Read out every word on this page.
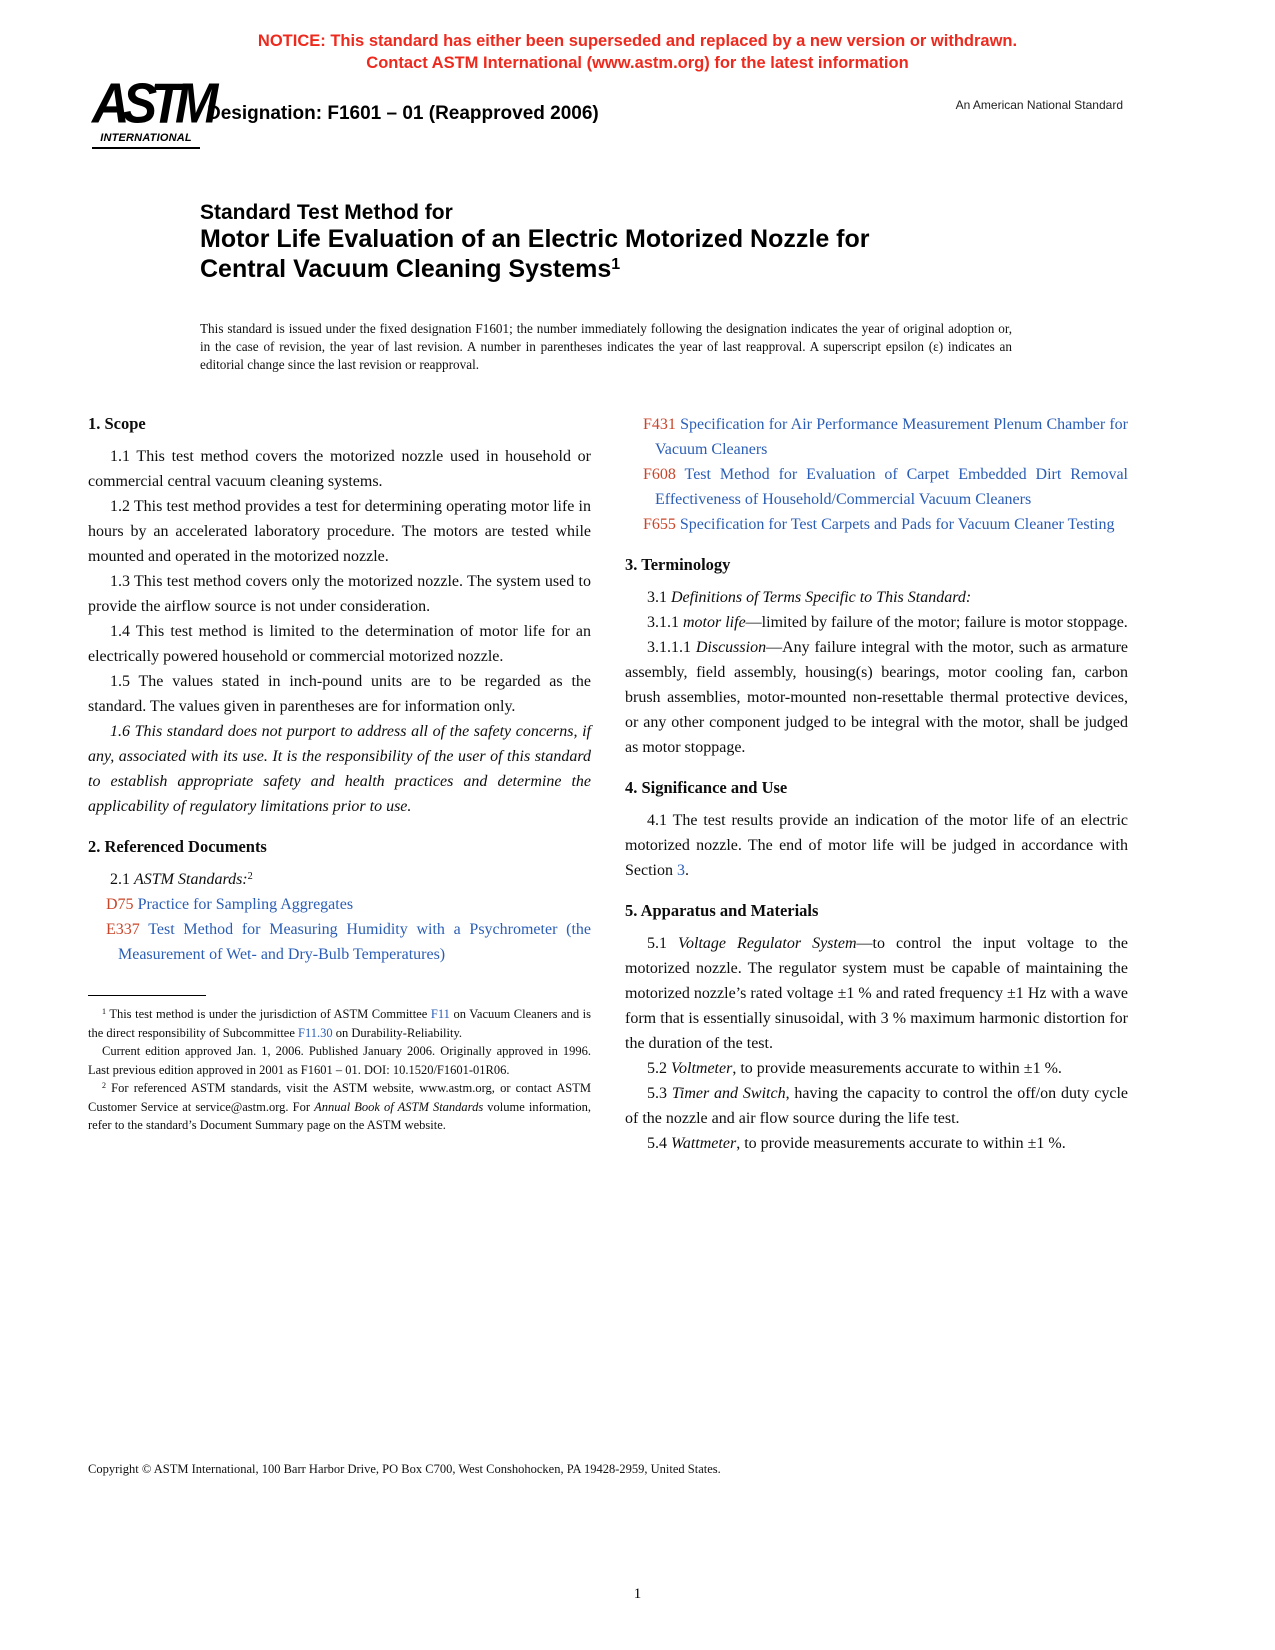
NOTICE: This standard has either been superseded and replaced by a new version or withdrawn.
Contact ASTM International (www.astm.org) for the latest information
ASTM
INTERNATIONAL
Designation: F1601 – 01 (Reapproved 2006)	An American National Standard
Standard Test Method for
Motor Life Evaluation of an Electric Motorized Nozzle for
Central Vacuum Cleaning Systems$^1$
This standard is issued under the fixed designation F1601; the number immediately following the designation indicates the year of original adoption or, in the case of revision, the year of last revision. A number in parentheses indicates the year of last reapproval. A superscript epsilon (ε) indicates an editorial change since the last revision or reapproval.
1. Scope

1.1 This test method covers the motorized nozzle used in household or commercial central vacuum cleaning systems.

1.2 This test method provides a test for determining operating motor life in hours by an accelerated laboratory procedure. The motors are tested while mounted and operated in the motorized nozzle.

1.3 This test method covers only the motorized nozzle. The system used to provide the airflow source is not under consideration.

1.4 This test method is limited to the determination of motor life for an electrically powered household or commercial motorized nozzle.

1.5 The values stated in inch-pound units are to be regarded as the standard. The values given in parentheses are for information only.

1.6 This standard does not purport to address all of the safety concerns, if any, associated with its use. It is the responsibility of the user of this standard to establish appropriate safety and health practices and determine the applicability of regulatory limitations prior to use.

2. Referenced Documents

2.1 ASTM Standards:$^2$

D75 Practice for Sampling Aggregates

E337 Test Method for Measuring Humidity with a Psychrometer (the Measurement of Wet- and Dry-Bulb Temperatures)

$^1$ This test method is under the jurisdiction of ASTM Committee F11 on Vacuum Cleaners and is the direct responsibility of Subcommittee F11.30 on Durability-Reliability.

Current edition approved Jan. 1, 2006. Published January 2006. Originally approved in 1996. Last previous edition approved in 2001 as F1601 – 01. DOI: 10.1520/F1601-01R06.

$^2$ For referenced ASTM standards, visit the ASTM website, www.astm.org, or contact ASTM Customer Service at service@astm.org. For Annual Book of ASTM Standards volume information, refer to the standard’s Document Summary page on the ASTM website.

F431 Specification for Air Performance Measurement Plenum Chamber for Vacuum Cleaners

F608 Test Method for Evaluation of Carpet Embedded Dirt Removal Effectiveness of Household/Commercial Vacuum Cleaners

F655 Specification for Test Carpets and Pads for Vacuum Cleaner Testing

3. Terminology

3.1 Definitions of Terms Specific to This Standard:

3.1.1 motor life—limited by failure of the motor; failure is motor stoppage.

3.1.1.1 Discussion—Any failure integral with the motor, such as armature assembly, field assembly, housing(s) bearings, motor cooling fan, carbon brush assemblies, motor-mounted non-resettable thermal protective devices, or any other component judged to be integral with the motor, shall be judged as motor stoppage.

4. Significance and Use

4.1 The test results provide an indication of the motor life of an electric motorized nozzle. The end of motor life will be judged in accordance with Section 3.

5. Apparatus and Materials

5.1 Voltage Regulator System—to control the input voltage to the motorized nozzle. The regulator system must be capable of maintaining the motorized nozzle’s rated voltage ±1 % and rated frequency ±1 Hz with a wave form that is essentially sinusoidal, with 3 % maximum harmonic distortion for the duration of the test.

5.2 Voltmeter, to provide measurements accurate to within ±1 %.

5.3 Timer and Switch, having the capacity to control the off/on duty cycle of the nozzle and air flow source during the life test.

5.4 Wattmeter, to provide measurements accurate to within ±1 %.

Copyright © ASTM International, 100 Barr Harbor Drive, PO Box C700, West Conshohocken, PA 19428-2959, United States.
1
